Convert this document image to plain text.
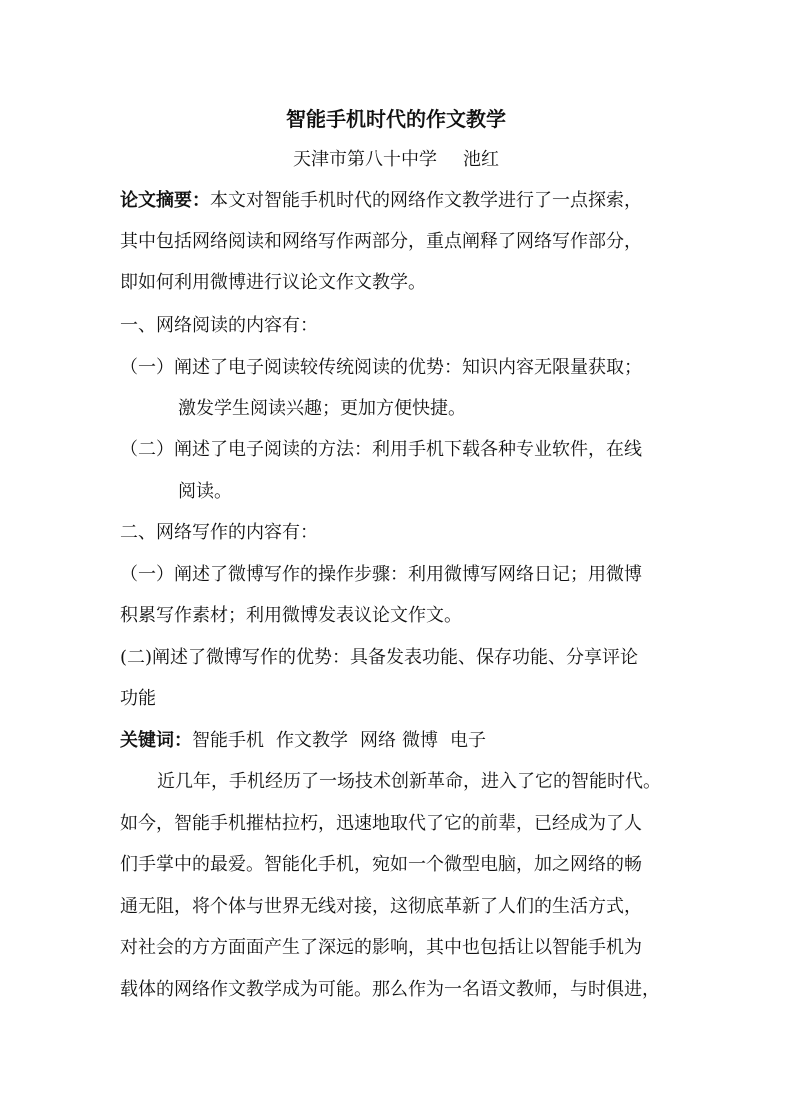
智能手机时代的作文教学
天津市第八十中学 池红
论文摘要：本文对智能手机时代的网络作文教学进行了一点探索，
其中包括网络阅读和网络写作两部分，重点阐释了网络写作部分，
即如何利用微博进行议论文作文教学。
一、网络阅读的内容有：
（一）阐述了电子阅读较传统阅读的优势：知识内容无限量获取；
激发学生阅读兴趣；更加方便快捷。
（二）阐述了电子阅读的方法：利用手机下载各种专业软件，在线
阅读。
二、网络写作的内容有：
（一）阐述了微博写作的操作步骤：利用微博写网络日记；用微博
积累写作素材；利用微博发表议论文作文。
(二)阐述了微博写作的优势：具备发表功能、保存功能、分享评论
功能
关键词：智能手机 作文教学 网络 微博 电子
近几年，手机经历了一场技术创新革命，进入了它的智能时代。
如今，智能手机摧枯拉朽，迅速地取代了它的前辈，已经成为了人
们手掌中的最爱。智能化手机，宛如一个微型电脑，加之网络的畅
通无阻，将个体与世界无线对接，这彻底革新了人们的生活方式，
对社会的方方面面产生了深远的影响，其中也包括让以智能手机为
载体的网络作文教学成为可能。那么作为一名语文教师，与时俱进，
